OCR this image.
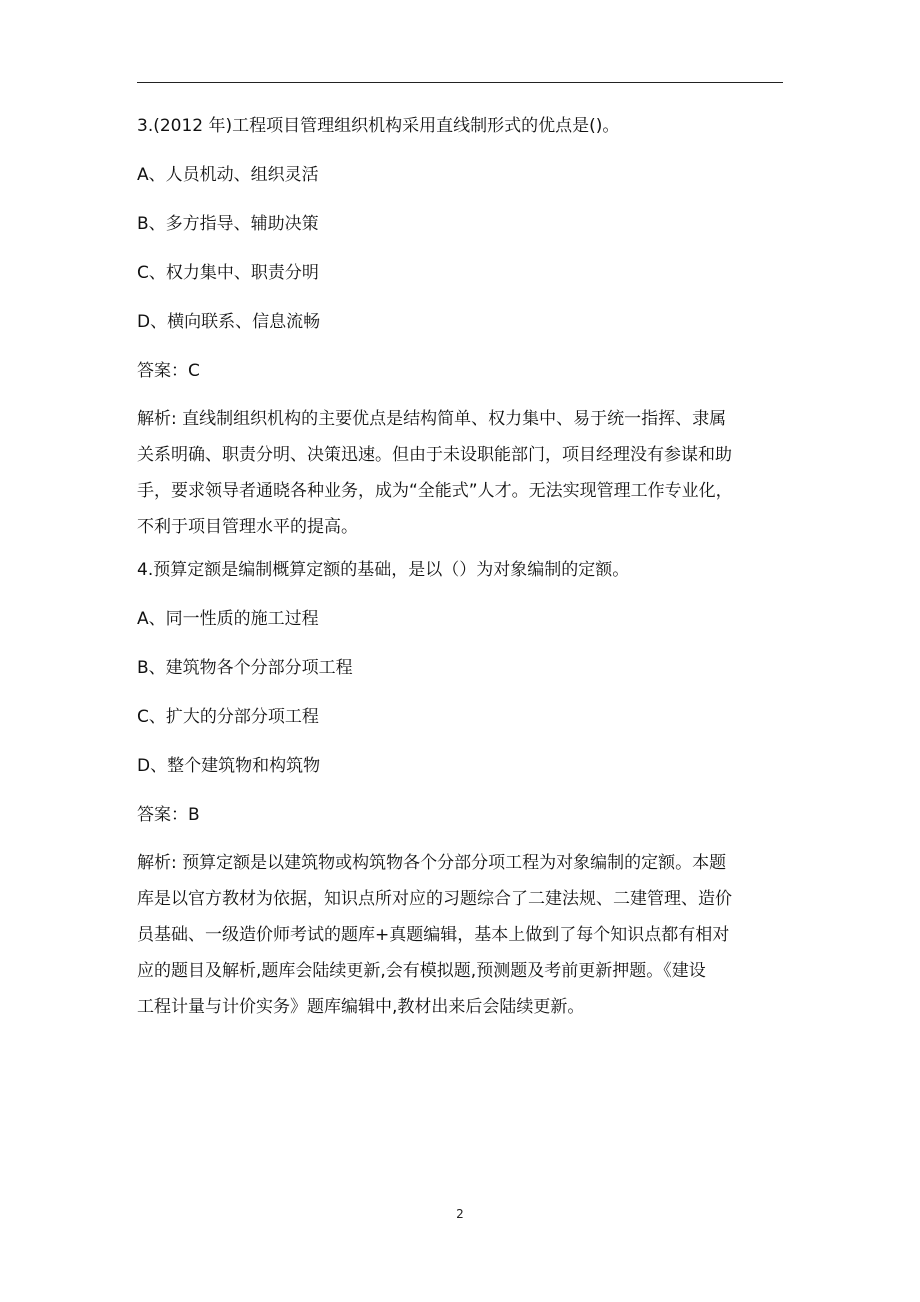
3.(2012 年)工程项目管理组织机构采用直线制形式的优点是()。
A、人员机动、组织灵活
B、多方指导、辅助决策
C、权力集中、职责分明
D、横向联系、信息流畅
答案：C
解析: 直线制组织机构的主要优点是结构简单、权力集中、易于统一指挥、隶属
关系明确、职责分明、决策迅速。但由于未设职能部门，项目经理没有参谋和助
手，要求领导者通晓各种业务，成为“全能式”人才。无法实现管理工作专业化，
不利于项目管理水平的提高。
4.预算定额是编制概算定额的基础，是以（）为对象编制的定额。
A、同一性质的施工过程
B、建筑物各个分部分项工程
C、扩大的分部分项工程
D、整个建筑物和构筑物
答案：B
解析: 预算定额是以建筑物或构筑物各个分部分项工程为对象编制的定额。本题
库是以官方教材为依据，知识点所对应的习题综合了二建法规、二建管理、造价
员基础、一级造价师考试的题库+真题编辑，基本上做到了每个知识点都有相对
应的题目及解析,题库会陆续更新,会有模拟题,预测题及考前更新押题。《建设
工程计量与计价实务》题库编辑中,教材出来后会陆续更新。
2
